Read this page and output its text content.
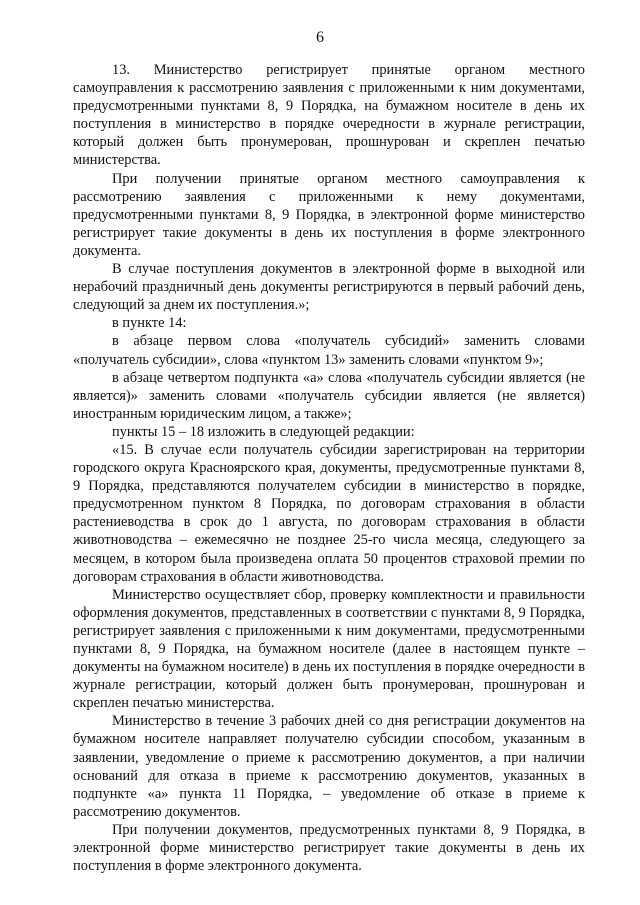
6

13. Министерство регистрирует принятые органом местного самоуправления к рассмотрению заявления с приложенными к ним документами, предусмотренными пунктами 8, 9 Порядка, на бумажном носителе в день их поступления в министерство в порядке очередности в журнале регистрации, который должен быть пронумерован, прошнурован и скреплен печатью министерства.

При получении принятые органом местного самоуправления к рассмотрению заявления с приложенными к нему документами, предусмотренными пунктами 8, 9 Порядка, в электронной форме министерство регистрирует такие документы в день их поступления в форме электронного документа.

В случае поступления документов в электронной форме в выходной или нерабочий праздничный день документы регистрируются в первый рабочий день, следующий за днем их поступления.»;

в пункте 14:

в абзаце первом слова «получатель субсидий» заменить словами «получатель субсидии», слова «пунктом 13» заменить словами «пунктом 9»;

в абзаце четвертом подпункта «а» слова «получатель субсидии является (не является)» заменить словами «получатель субсидии является (не является) иностранным юридическим лицом, а также»;

пункты 15 – 18 изложить в следующей редакции:

«15. В случае если получатель субсидии зарегистрирован на территории городского округа Красноярского края, документы, предусмотренные пунктами 8, 9 Порядка, представляются получателем субсидии в министерство в порядке, предусмотренном пунктом 8 Порядка, по договорам страхования в области растениеводства в срок до 1 августа, по договорам страхования в области животноводства – ежемесячно не позднее 25-го числа месяца, следующего за месяцем, в котором была произведена оплата 50 процентов страховой премии по договорам страхования в области животноводства.

Министерство осуществляет сбор, проверку комплектности и правильности оформления документов, представленных в соответствии с пунктами 8, 9 Порядка, регистрирует заявления с приложенными к ним документами, предусмотренными пунктами 8, 9 Порядка, на бумажном носителе (далее в настоящем пункте – документы на бумажном носителе) в день их поступления в порядке очередности в журнале регистрации, который должен быть пронумерован, прошнурован и скреплен печатью министерства.

Министерство в течение 3 рабочих дней со дня регистрации документов на бумажном носителе направляет получателю субсидии способом, указанным в заявлении, уведомление о приеме к рассмотрению документов, а при наличии оснований для отказа в приеме к рассмотрению документов, указанных в подпункте «а» пункта 11 Порядка, – уведомление об отказе в приеме к рассмотрению документов.

При получении документов, предусмотренных пунктами 8, 9 Порядка, в электронной форме министерство регистрирует такие документы в день их поступления в форме электронного документа.
